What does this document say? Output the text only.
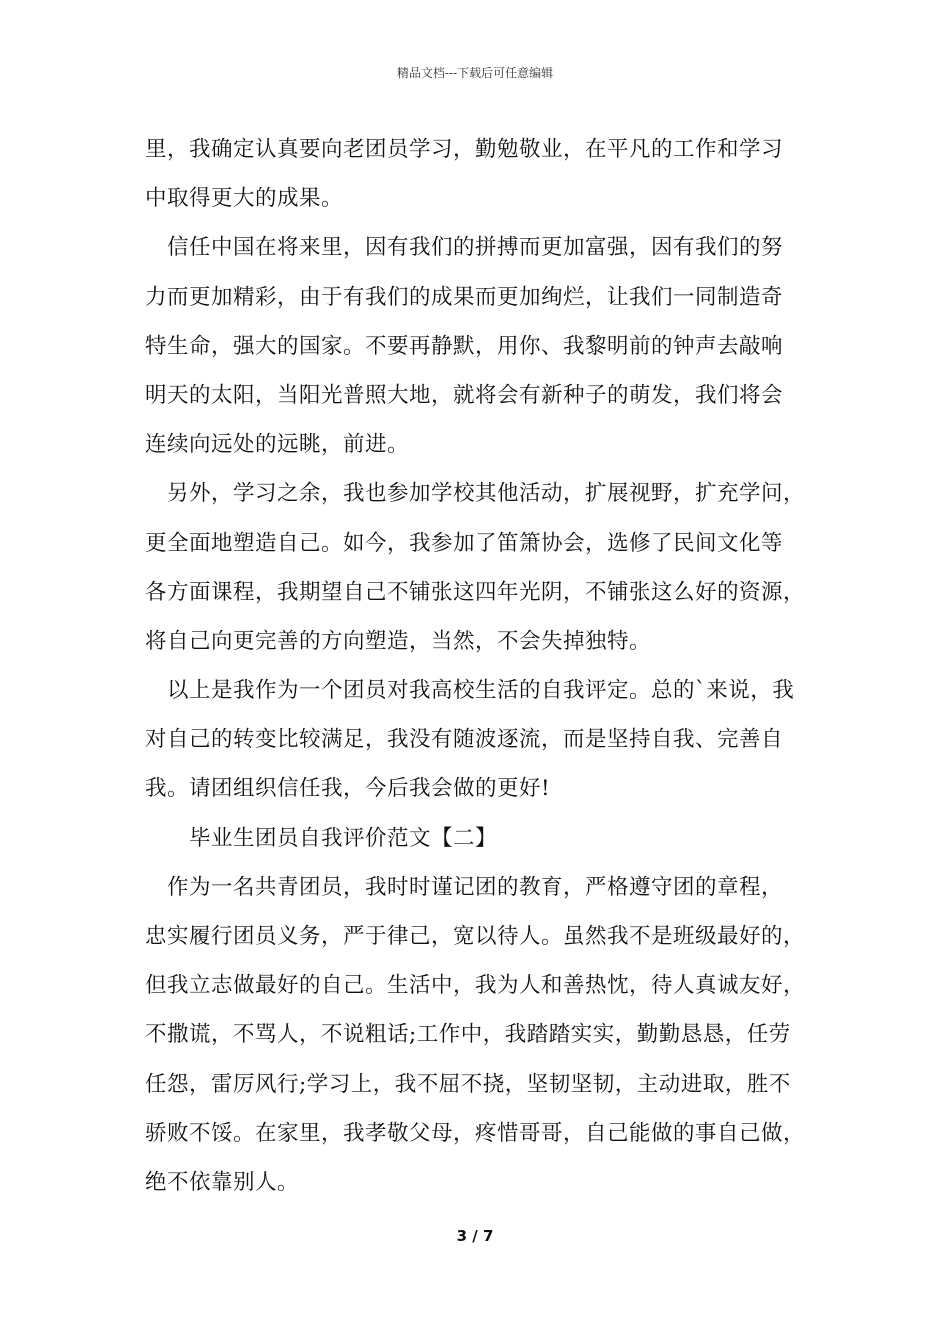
精品文档---下载后可任意编辑
里，我确定认真要向老团员学习，勤勉敬业，在平凡的工作和学习
中取得更大的成果。
信任中国在将来里，因有我们的拼搏而更加富强，因有我们的努
力而更加精彩，由于有我们的成果而更加绚烂，让我们一同制造奇
特生命，强大的国家。不要再静默，用你、我黎明前的钟声去敲响
明天的太阳，当阳光普照大地，就将会有新种子的萌发，我们将会
连续向远处的远眺，前进。
另外，学习之余，我也参加学校其他活动，扩展视野，扩充学问，
更全面地塑造自己。如今，我参加了笛箫协会，选修了民间文化等
各方面课程，我期望自己不铺张这四年光阴，不铺张这么好的资源，
将自己向更完善的方向塑造，当然，不会失掉独特。
以上是我作为一个团员对我高校生活的自我评定。总的`来说，我
对自己的转变比较满足，我没有随波逐流，而是坚持自我、完善自
我。请团组织信任我，今后我会做的更好!
毕业生团员自我评价范文【二】
作为一名共青团员，我时时谨记团的教育，严格遵守团的章程，
忠实履行团员义务，严于律己，宽以待人。虽然我不是班级最好的，
但我立志做最好的自己。生活中，我为人和善热忱，待人真诚友好，
不撒谎，不骂人，不说粗话;工作中，我踏踏实实，勤勤恳恳，任劳
任怨，雷厉风行;学习上，我不屈不挠，坚韧坚韧，主动进取，胜不
骄败不馁。在家里，我孝敬父母，疼惜哥哥，自己能做的事自己做，
绝不依靠别人。
3 / 7
